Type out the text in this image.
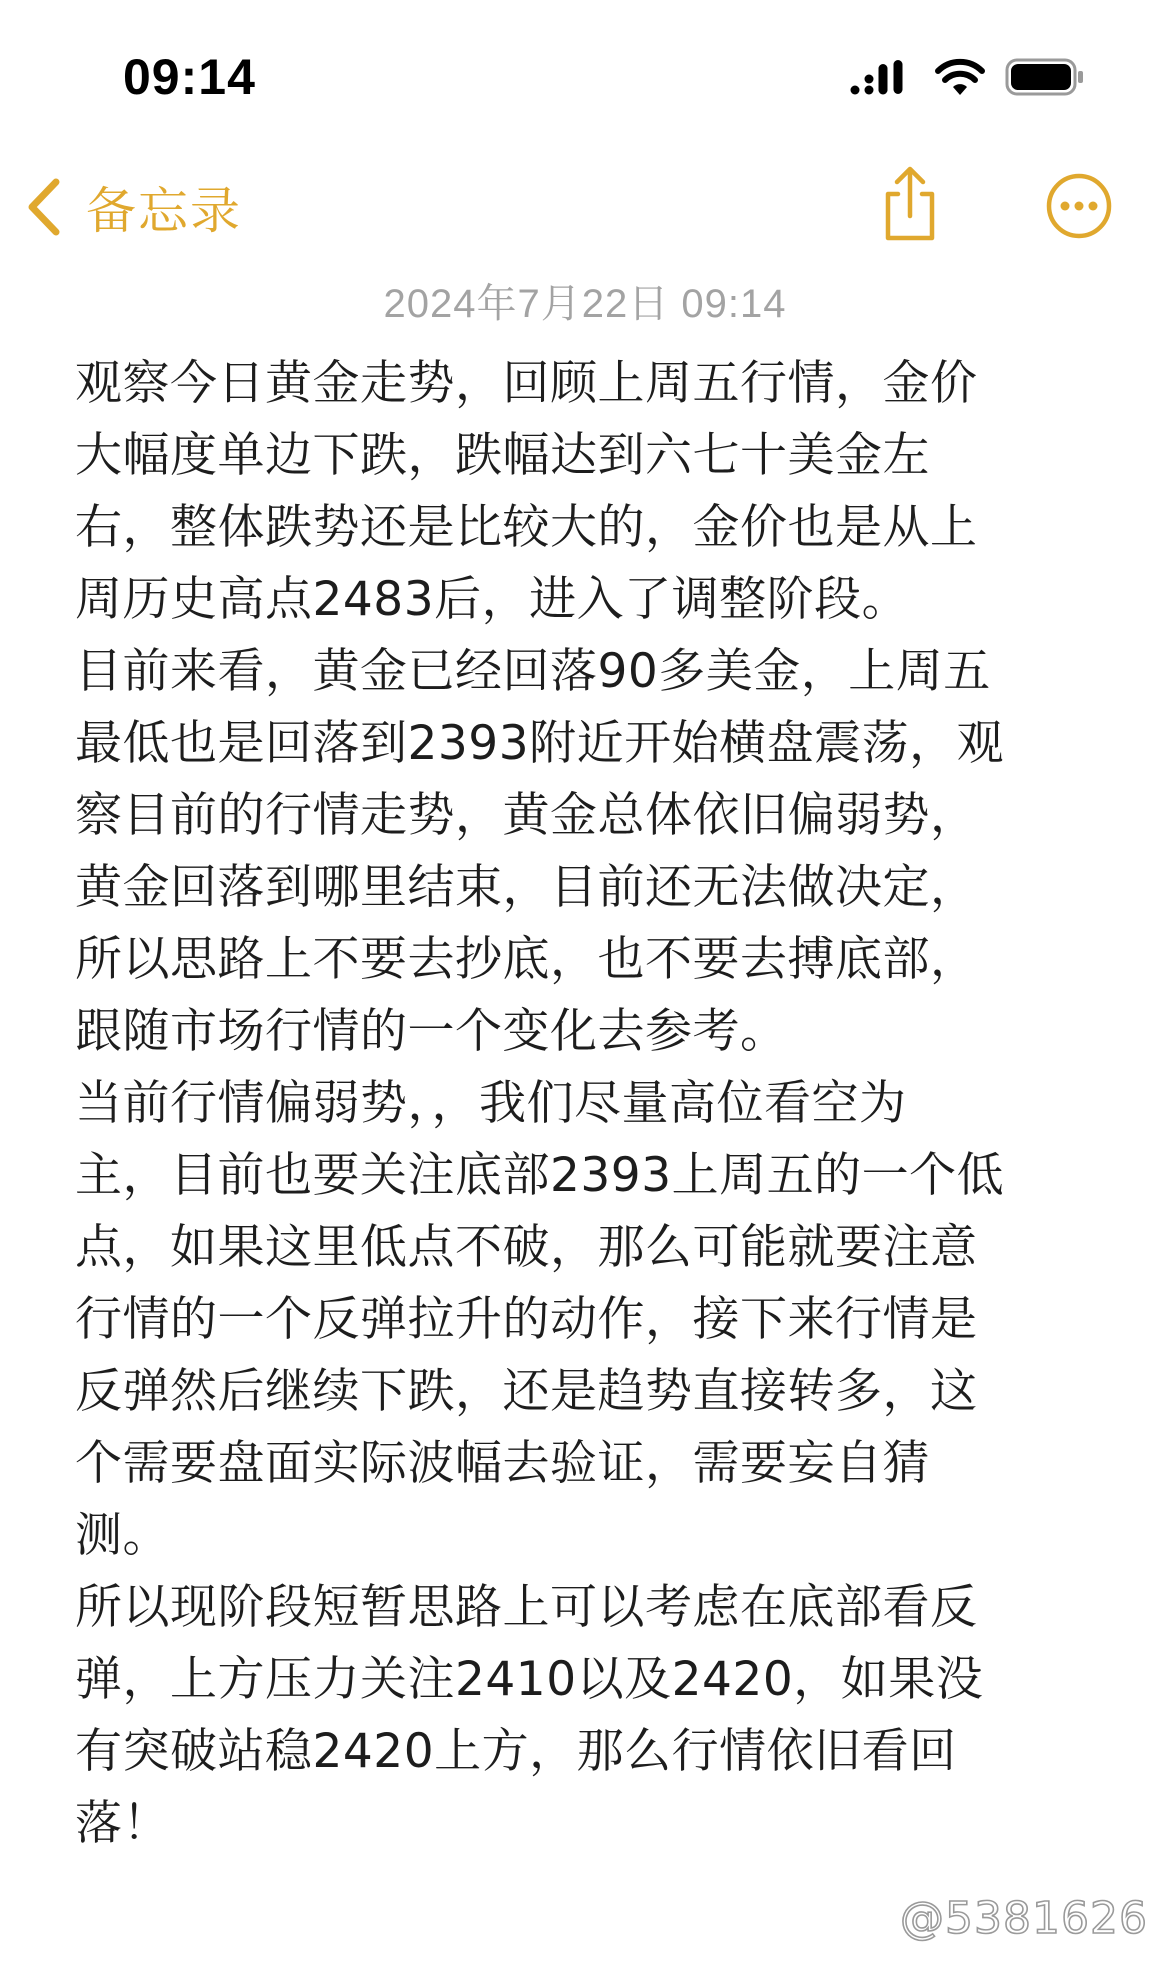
09:14
备忘录
2024年7月22日 09:14

观察今日黄金走势，回顾上周五行情，金价

大幅度单边下跌，跌幅达到六七十美金左

右，整体跌势还是比较大的，金价也是从上

周历史高点2483后，进入了调整阶段。

目前来看，黄金已经回落90多美金，上周五

最低也是回落到2393附近开始横盘震荡，观

察目前的行情走势，黄金总体依旧偏弱势，

黄金回落到哪里结束，目前还无法做决定，

所以思路上不要去抄底，也不要去搏底部，

跟随市场行情的一个变化去参考。

当前行情偏弱势，，我们尽量高位看空为

主，目前也要关注底部2393上周五的一个低

点，如果这里低点不破，那么可能就要注意

行情的一个反弹拉升的动作，接下来行情是

反弹然后继续下跌，还是趋势直接转多，这

个需要盘面实际波幅去验证，需要妄自猜

测。

所以现阶段短暂思路上可以考虑在底部看反

弹，上方压力关注2410以及2420，如果没

有突破站稳2420上方，那么行情依旧看回

落！

@5381626
